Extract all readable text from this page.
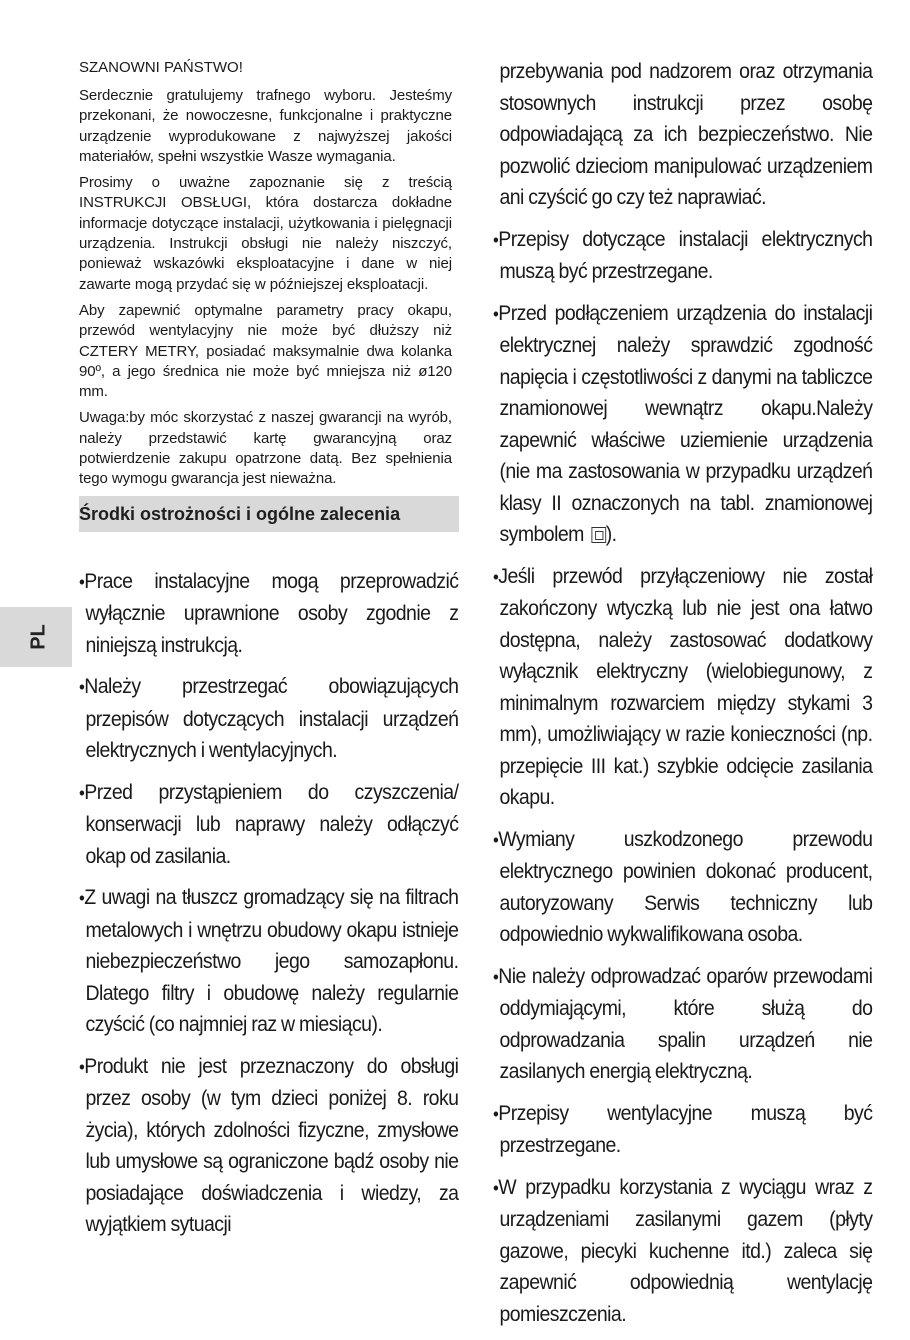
PL

SZANOWNI PAŃSTWO!

Serdecznie gratulujemy trafnego wyboru. Jesteśmy przekonani, że nowoczesne, funkcjonalne i praktyczne urządzenie wyprodukowane z najwyższej jakości materiałów, spełni wszystkie Wasze wymagania.

Prosimy o uważne zapoznanie się z treścią INSTRUKCJI OBSŁUGI, która dostarcza dokładne informacje dotyczące instalacji, użytkowania i pielęgnacji urządzenia. Instrukcji obsługi nie należy niszczyć, ponieważ wskazówki eksploatacyjne i dane w niej zawarte mogą przydać się w późniejszej eksploatacji.

Aby zapewnić optymalne parametry pracy okapu, przewód wentylacyjny nie może być dłuższy niż CZTERY METRY, posiadać maksymalnie dwa kolanka 90º, a jego średnica nie może być mniejsza niż ø120 mm.

Uwaga:by móc skorzystać z naszej gwarancji na wyrób, należy przedstawić kartę gwarancyjną oraz potwierdzenie zakupu opatrzone datą. Bez spełnienia tego wymogu gwarancja jest nieważna.

Środki ostrożności i ogólne zalecenia
•Prace instalacyjne mogą przeprowadzić wyłącznie uprawnione osoby zgodnie z niniejszą instrukcją.
•Należy przestrzegać obowiązujących przepisów dotyczących instalacji urządzeń elektrycznych i wentylacyjnych.
•Przed przystąpieniem do czyszczenia/ konserwacji lub naprawy należy odłączyć okap od zasilania.
•Z uwagi na tłuszcz gromadzący się na filtrach metalowych i wnętrzu obudowy okapu istnieje niebezpieczeństwo jego samozapłonu. Dlatego filtry i obudowę należy regularnie czyścić (co najmniej raz w miesiącu).
•Produkt nie jest przeznaczony do obsługi przez osoby (w tym dzieci poniżej 8. roku życia), których zdolności fizyczne, zmysłowe lub umysłowe są ograniczone bądź osoby nie posiadające doświadczenia i wiedzy, za wyjątkiem sytuacji

przebywania pod nadzorem oraz otrzymania stosownych instrukcji przez osobę odpowiadającą za ich bezpieczeństwo. Nie pozwolić dzieciom manipulować urządzeniem ani czyścić go czy też naprawiać.

•Przepisy dotyczące instalacji elektrycznych muszą być przestrzegane.
•Przed podłączeniem urządzenia do instalacji elektrycznej należy sprawdzić zgodność napięcia i częstotliwości z danymi na tabliczce znamionowej wewnątrz okapu.Należy zapewnić właściwe uziemienie urządzenia (nie ma zastosowania w przypadku urządzeń klasy II oznaczonych na tabl. znamionowej symbolem ).
•Jeśli przewód przyłączeniowy nie został zakończony wtyczką lub nie jest ona łatwo dostępna, należy zastosować dodatkowy wyłącznik elektryczny (wielobiegunowy, z minimalnym rozwarciem między stykami 3 mm), umożliwiający w razie konieczności (np. przepięcie III kat.) szybkie odcięcie zasilania okapu.
•Wymiany uszkodzonego przewodu elektrycznego powinien dokonać producent, autoryzowany Serwis techniczny lub odpowiednio wykwalifikowana osoba.
•Nie należy odprowadzać oparów przewodami oddymiającymi, które służą do odprowadzania spalin urządzeń nie zasilanych energią elektryczną.
•Przepisy wentylacyjne muszą być przestrzegane.
•W przypadku korzystania z wyciągu wraz z urządzeniami zasilanymi gazem (płyty gazowe, piecyki kuchenne itd.) zaleca się zapewnić odpowiednią wentylację pomieszczenia.
